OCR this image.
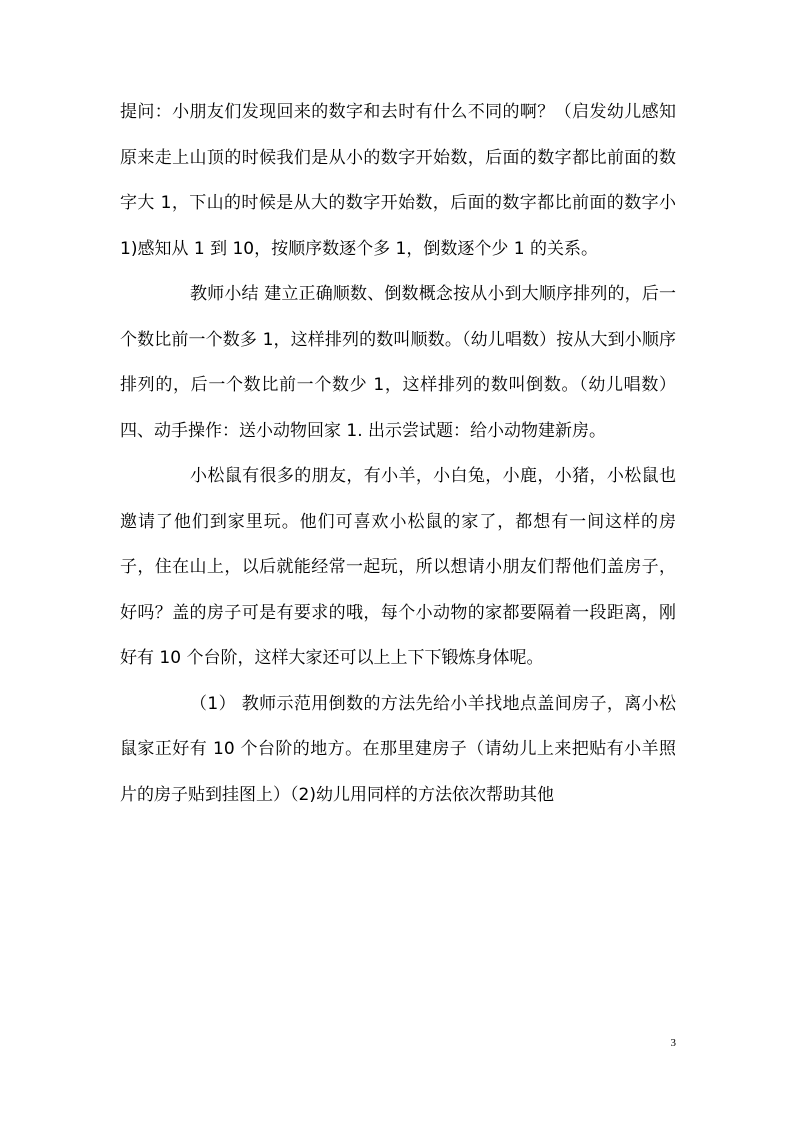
提问：小朋友们发现回来的数字和去时有什么不同的啊？（启发幼儿感知原来走上山顶的时候我们是从小的数字开始数，后面的数字都比前面的数字大 1，下山的时候是从大的数字开始数，后面的数字都比前面的数字小 1)感知从 1 到 10，按顺序数逐个多 1，倒数逐个少 1 的关系。

教师小结 建立正确顺数、倒数概念按从小到大顺序排列的，后一个数比前一个数多 1，这样排列的数叫顺数。（幼儿唱数）按从大到小顺序排列的，后一个数比前一个数少 1，这样排列的数叫倒数。（幼儿唱数）四、动手操作：送小动物回家 1. 出示尝试题：给小动物建新房。

小松鼠有很多的朋友，有小羊，小白兔，小鹿，小猪，小松鼠也邀请了他们到家里玩。他们可喜欢小松鼠的家了，都想有一间这样的房子，住在山上，以后就能经常一起玩，所以想请小朋友们帮他们盖房子，好吗？盖的房子可是有要求的哦，每个小动物的家都要隔着一段距离，刚好有 10 个台阶，这样大家还可以上上下下锻炼身体呢。

（1） 教师示范用倒数的方法先给小羊找地点盖间房子，离小松鼠家正好有 10 个台阶的地方。在那里建房子（请幼儿上来把贴有小羊照片的房子贴到挂图上）（2)幼儿用同样的方法依次帮助其他

3
